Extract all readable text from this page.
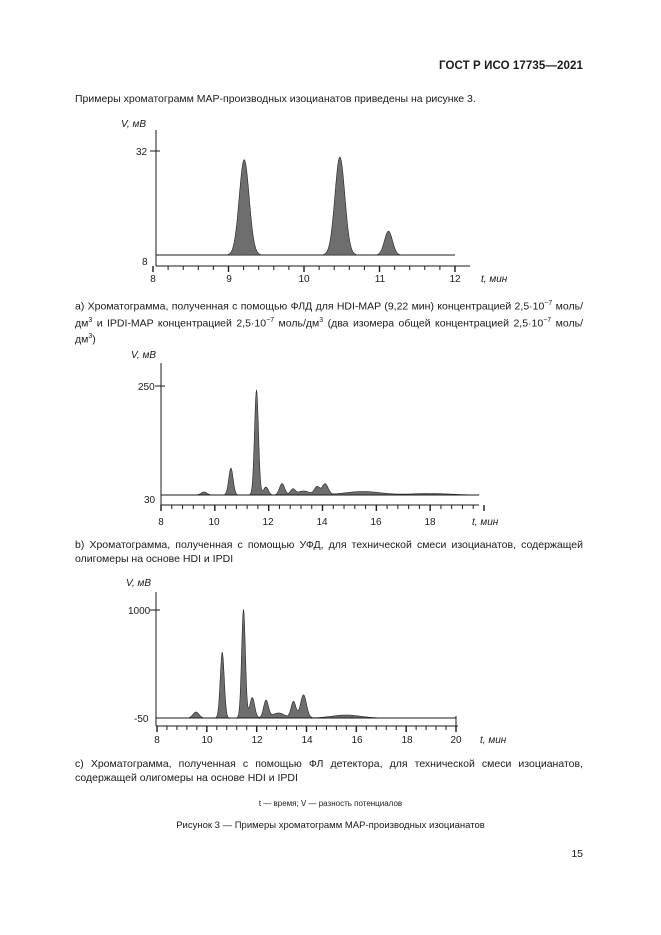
ГОСТ Р ИСО 17735—2021
Примеры хроматограмм МАР-производных изоцианатов приведены на рисунке 3.
V, мВ
32
8
8	9	10	11	12 t, мин
а) Хроматограмма, полученная с помощью ФЛД для HDI-MAP (9,22 мин) концентрацией $2,5\cdot 10^{-7}$ моль/$дм^3$ и IPDI-MAP концентрацией $2,5\cdot 10^{-7}$ моль/$дм^3$ (два изомера общей концентрацией $2,5\cdot 10^{-7}$ моль/$дм^3$)
V, мВ
250
30
8	10	12	14	16	18	t, мин
b) Хроматограмма, полученная с помощью УФД, для технической смеси изоцианатов, содержащей олигомеры на основе HDI и IPDI
V, мВ
1000
-50
8	10	12	14	16	18	20 t, мин
с) Хроматограмма, полученная с помощью ФЛ детектора, для технической смеси изоцианатов, содержащей олигомеры на основе HDI и IPDI
t — время; V — разность потенциалов
Рисунок 3 — Примеры хроматограмм МАР-производных изоцианатов
15
